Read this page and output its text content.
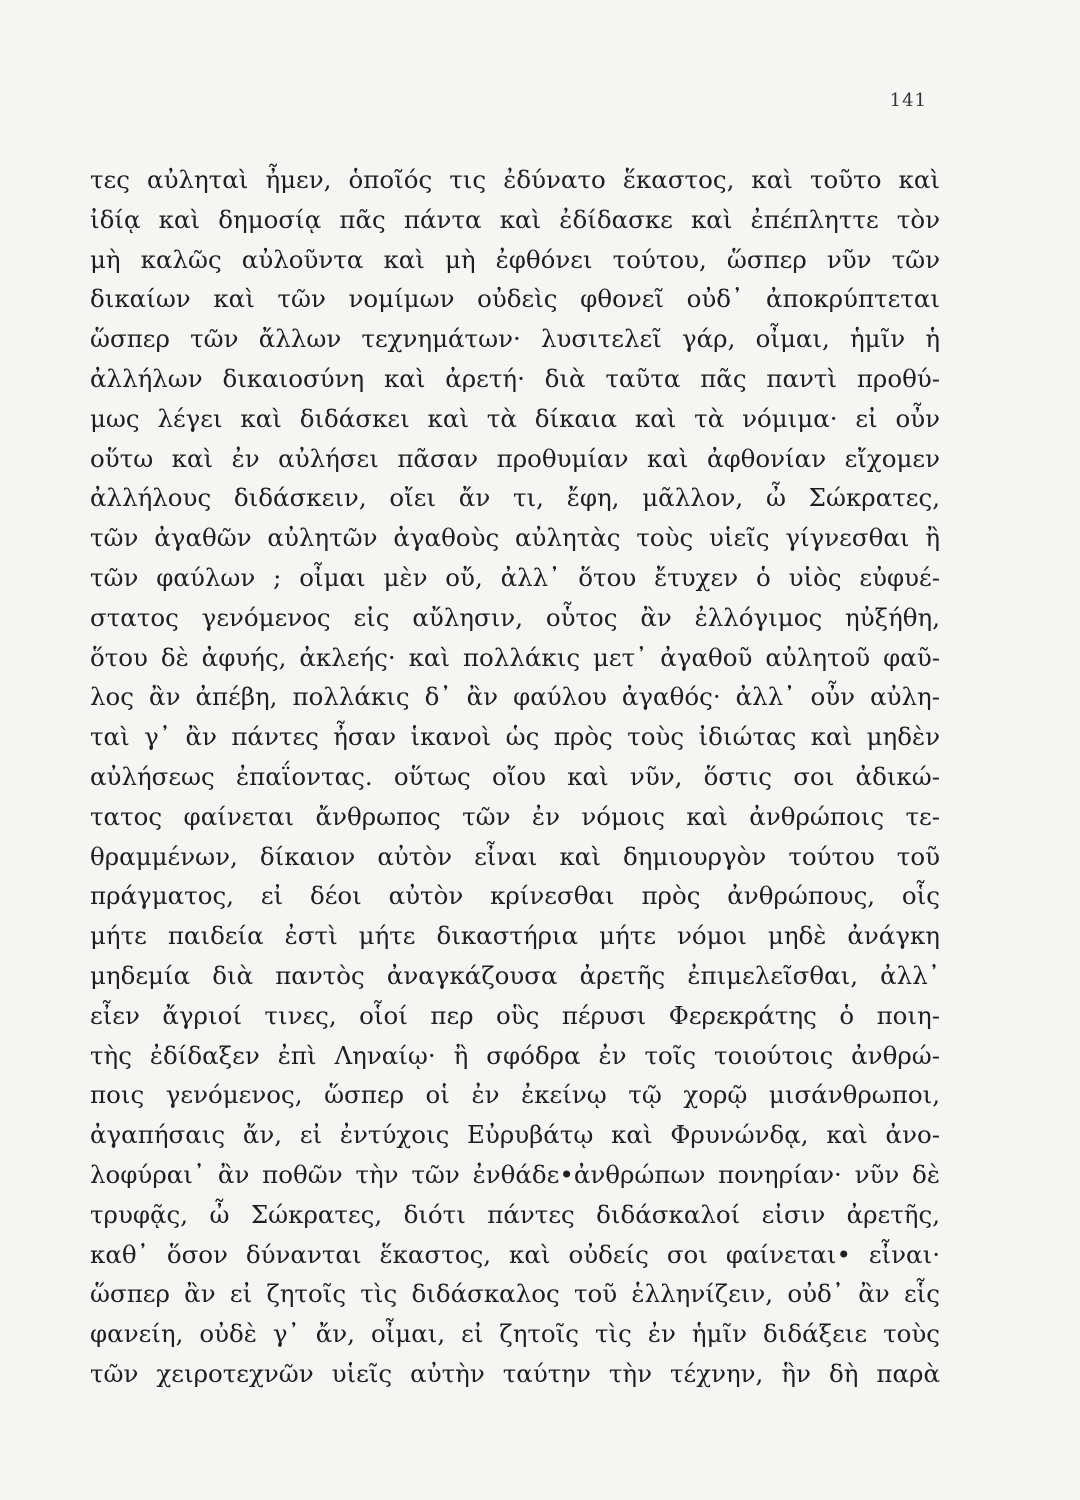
141
τες αὐληταὶ ἦμεν, ὁποῖός τις ἐδύνατο ἕκαστος, καὶ τοῦτο καὶ
ἰδίᾳ καὶ δημοσίᾳ πᾶς πάντα καὶ ἐδίδασκε καὶ ἐπέπληττε τὸν
μὴ καλῶς αὐλοῦντα καὶ μὴ ἐφθόνει τούτου, ὥσπερ νῦν τῶν
δικαίων καὶ τῶν νομίμων οὐδεὶς φθονεῖ οὐδ᾽ ἀποκρύπτεται
ὥσπερ τῶν ἄλλων τεχνημάτων· λυσιτελεῖ γάρ, οἶμαι, ἡμῖν ἡ
ἀλλήλων δικαιοσύνη καὶ ἀρετή· διὰ ταῦτα πᾶς παντὶ προθύ-
μως λέγει καὶ διδάσκει καὶ τὰ δίκαια καὶ τὰ νόμιμα· εἰ οὖν
οὕτω καὶ ἐν αὐλήσει πᾶσαν προθυμίαν καὶ ἀφθονίαν εἴχομεν
ἀλλήλους διδάσκειν, οἴει ἄν τι, ἔφη, μᾶλλον, ὦ Σώκρατες,
τῶν ἀγαθῶν αὐλητῶν ἀγαθοὺς αὐλητὰς τοὺς υἱεῖς γίγνεσθαι ἢ
τῶν φαύλων ; οἶμαι μὲν οὔ, ἀλλ᾽ ὅτου ἔτυχεν ὁ υἱὸς εὐφυέ-
στατος γενόμενος εἰς αὔλησιν, οὗτος ἂν ἐλλόγιμος ηὐξήθη,
ὅτου δὲ ἀφυής, ἀκλεής· καὶ πολλάκις μετ᾽ ἀγαθοῦ αὐλητοῦ φαῦ-
λος ἂν ἀπέβη, πολλάκις δ᾽ ἂν φαύλου ἀγαθός· ἀλλ᾽ οὖν αὐλη-
ταὶ γ᾽ ἂν πάντες ἦσαν ἱκανοὶ ὡς πρὸς τοὺς ἰδιώτας καὶ μηδὲν
αὐλήσεως ἐπαΐοντας. οὕτως οἴου καὶ νῦν, ὅστις σοι ἀδικώ-
τατος φαίνεται ἄνθρωπος τῶν ἐν νόμοις καὶ ἀνθρώποις τε-
θραμμένων, δίκαιον αὐτὸν εἶναι καὶ δημιουργὸν τούτου τοῦ
πράγματος, εἰ δέοι αὐτὸν κρίνεσθαι πρὸς ἀνθρώπους, οἷς
μήτε παιδεία ἐστὶ μήτε δικαστήρια μήτε νόμοι μηδὲ ἀνάγκη
μηδεμία διὰ παντὸς ἀναγκάζουσα ἀρετῆς ἐπιμελεῖσθαι, ἀλλ᾽
εἶεν ἄγριοί τινες, οἷοί περ οὓς πέρυσι Φερεκράτης ὁ ποιη-
τὴς ἐδίδαξεν ἐπὶ Ληναίῳ· ἢ σφόδρα ἐν τοῖς τοιούτοις ἀνθρώ-
ποις γενόμενος, ὥσπερ οἱ ἐν ἐκείνῳ τῷ χορῷ μισάνθρωποι,
ἀγαπήσαις ἄν, εἰ ἐντύχοις Εὐρυβάτῳ καὶ Φρυνώνδᾳ, καὶ ἀνο-
λοφύραι᾽ ἂν ποθῶν τὴν τῶν ἐνθάδε•ἀνθρώπων πονηρίαν· νῦν δὲ
τρυφᾷς, ὦ Σώκρατες, διότι πάντες διδάσκαλοί εἰσιν ἀρετῆς,
καθ᾽ ὅσον δύνανται ἕκαστος, καὶ οὐδείς σοι φαίνεται• εἶναι·
ὥσπερ ἂν εἰ ζητοῖς τὶς διδάσκαλος τοῦ ἑλληνίζειν, οὐδ᾽ ἂν εἷς
φανείη, οὐδὲ γ᾽ ἄν, οἶμαι, εἰ ζητοῖς τὶς ἐν ἡμῖν διδάξειε τοὺς
τῶν χειροτεχνῶν υἱεῖς αὐτὴν ταύτην τὴν τέχνην, ἣν δὴ παρὰ
